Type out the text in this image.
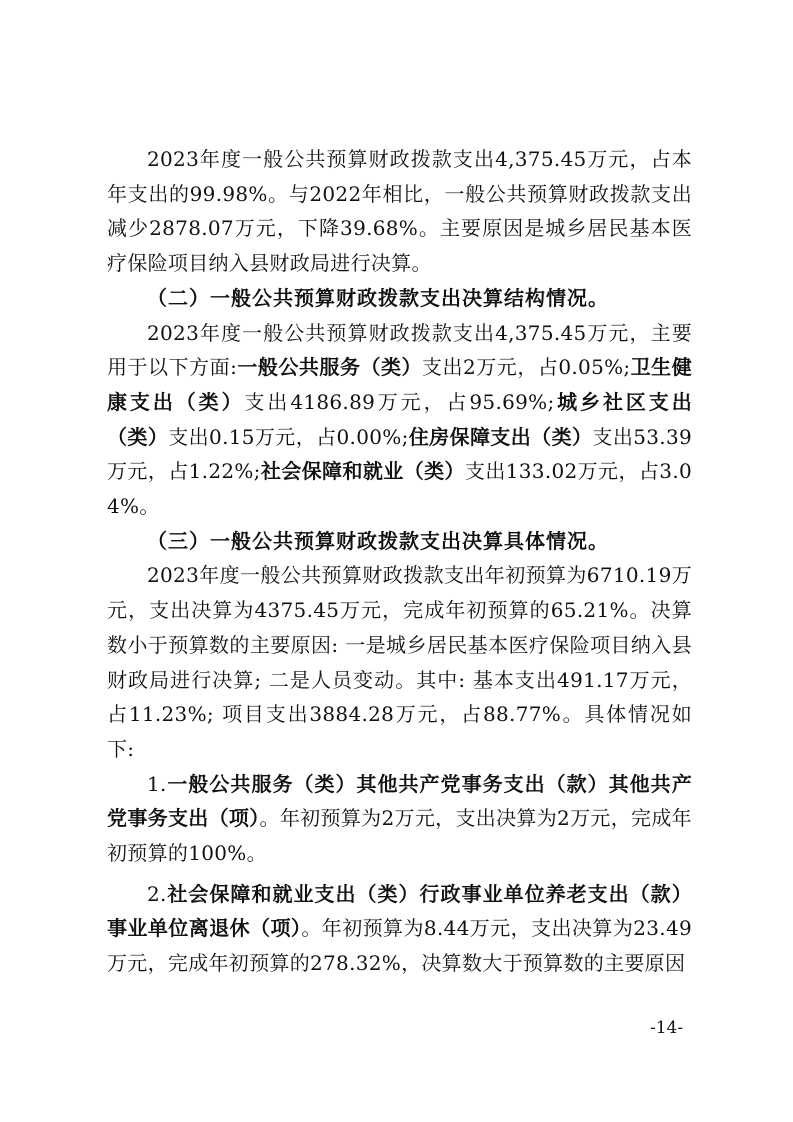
2023年度一般公共预算财政拨款支出4,375.45万元，占本年支出的99.98%。与2022年相比，一般公共预算财政拨款支出减少2878.07万元，下降39.68%。主要原因是城乡居民基本医疗保险项目纳入县财政局进行决算。

（二）一般公共预算财政拨款支出决算结构情况。

2023年度一般公共预算财政拨款支出4,375.45万元，主要用于以下方面:一般公共服务（类）支出2万元，占0.05%;卫生健康支出（类）支出4186.89万元，占95.69%;城乡社区支出（类）支出0.15万元，占0.00%;住房保障支出（类）支出53.39万元，占1.22%;社会保障和就业（类）支出133.02万元，占3.04%。

（三）一般公共预算财政拨款支出决算具体情况。

2023年度一般公共预算财政拨款支出年初预算为6710.19万元，支出决算为4375.45万元，完成年初预算的65.21%。决算数小于预算数的主要原因: 一是城乡居民基本医疗保险项目纳入县财政局进行决算; 二是人员变动。其中: 基本支出491.17万元，占11.23%; 项目支出3884.28万元，占88.77%。具体情况如下:

1.一般公共服务（类）其他共产党事务支出（款）其他共产党事务支出（项）。年初预算为2万元，支出决算为2万元，完成年初预算的100%。

2.社会保障和就业支出（类）行政事业单位养老支出（款）事业单位离退休（项）。年初预算为8.44万元，支出决算为23.49万元，完成年初预算的278.32%，决算数大于预算数的主要原因

-14-
